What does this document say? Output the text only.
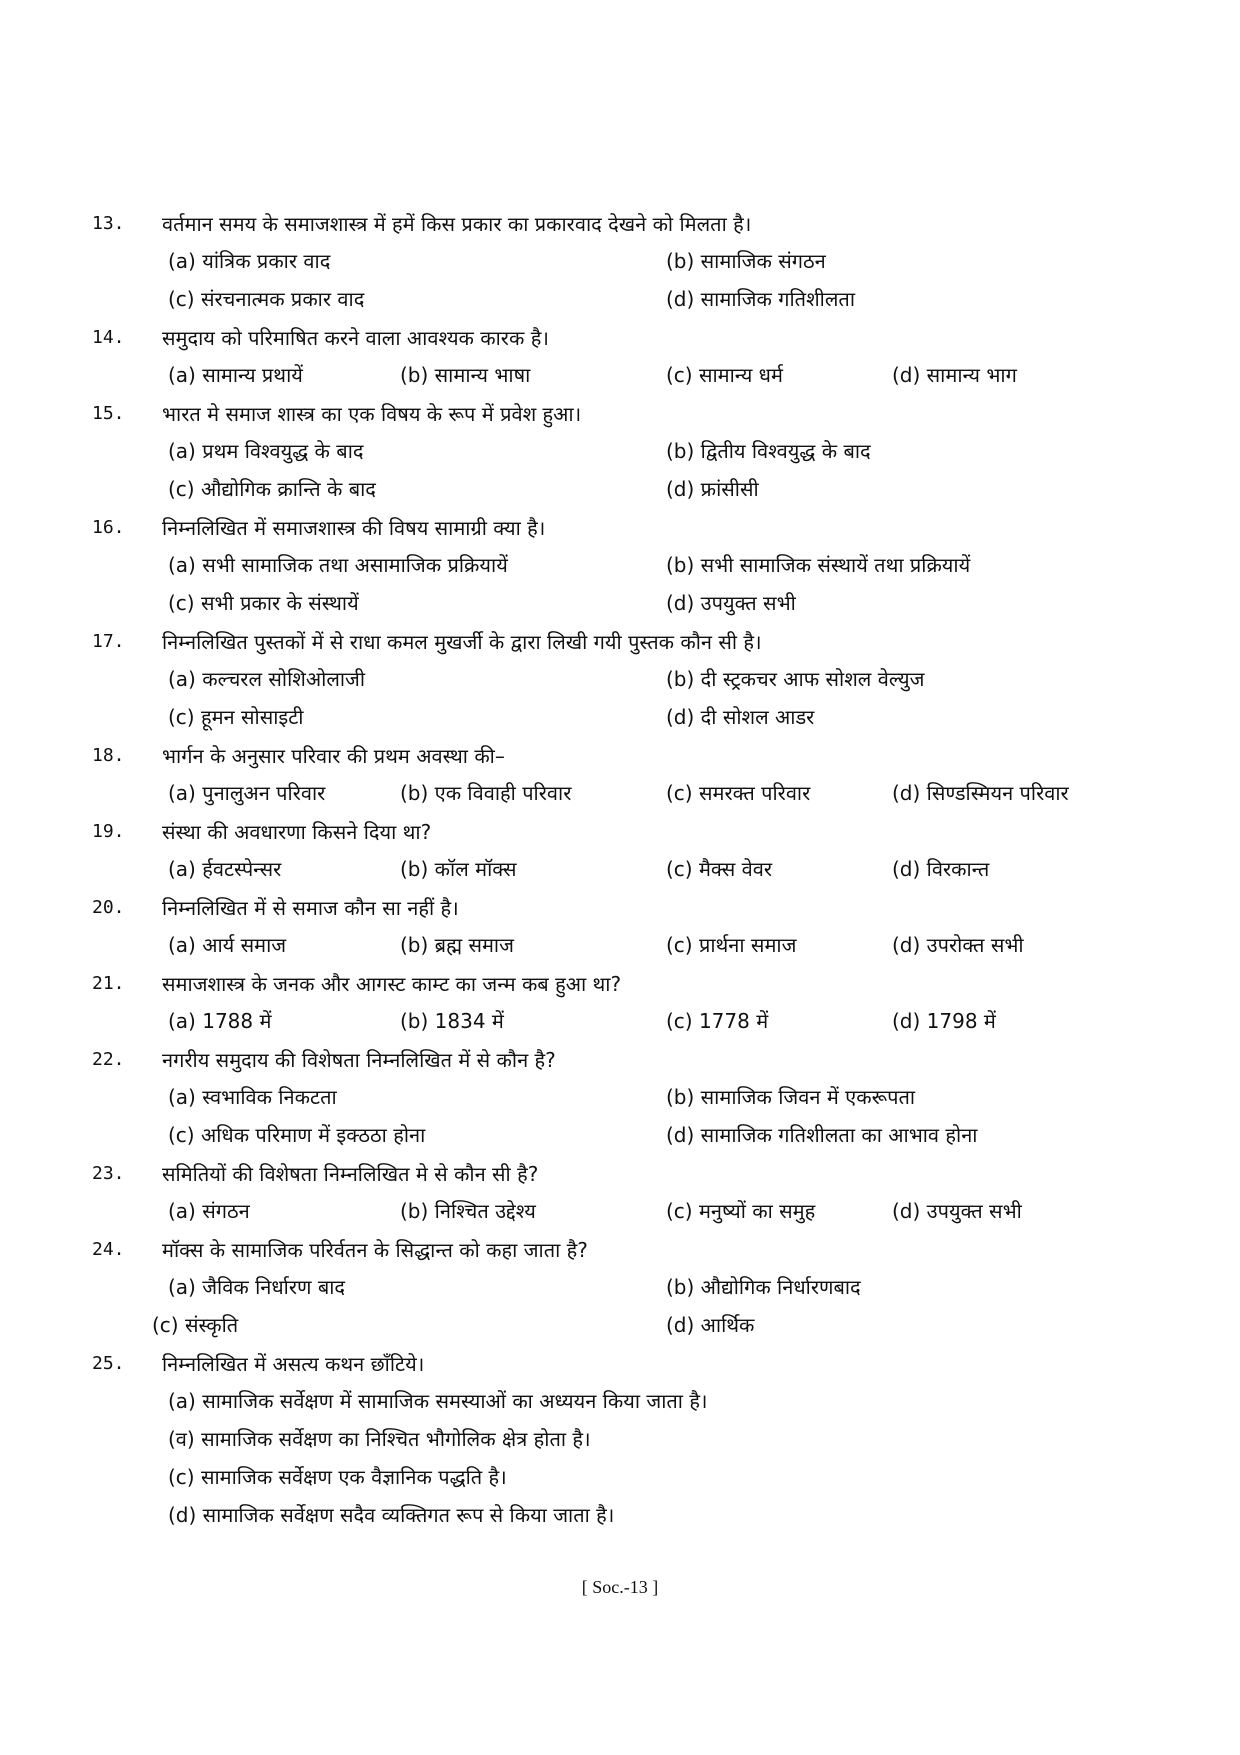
13.	वर्तमान समय के समाजशास्त्र में हमें किस प्रकार का प्रकारवाद देखने को मिलता है।
(a) यांत्रिक प्रकार वाद	(b) सामाजिक संगठन
(c) संरचनात्मक प्रकार वाद	(d) सामाजिक गतिशीलता
14.	समुदाय को परिमाषित करने वाला आवश्यक कारक है।
(a) सामान्य प्रथायें	(b) सामान्य भाषा	(c) सामान्य धर्म	(d) सामान्य भाग
15.	भारत मे समाज शास्त्र का एक विषय के रूप में प्रवेश हुआ।
(a) प्रथम विश्वयुद्ध के बाद	(b) द्वितीय विश्वयुद्ध के बाद
(c) औद्योगिक क्रान्ति के बाद	(d) फ्रांसीसी
16.	निम्नलिखित में समाजशास्त्र की विषय सामाग्री क्या है।
(a) सभी सामाजिक तथा असामाजिक प्रक्रियायें	(b) सभी सामाजिक संस्थायें तथा प्रक्रियायें
(c) सभी प्रकार के संस्थायें	(d) उपयुक्त सभी
17.	निम्नलिखित पुस्तकों में से राधा कमल मुखर्जी के द्वारा लिखी गयी पुस्तक कौन सी है।
(a) कल्चरल सोशिओलाजी	(b) दी स्ट्रकचर आफ सोशल वेल्युज
(c) हूमन सोसाइटी	(d) दी सोशल आडर
18.	भार्गन के अनुसार परिवार की प्रथम अवस्था की–
(a) पुनालुअन परिवार	(b) एक विवाही परिवार	(c) समरक्त परिवार	(d) सिण्डस्मियन परिवार
19.	संस्था की अवधारणा किसने दिया था?
(a) र्हवटस्पेन्सर	(b) कॉल मॉक्स	(c) मैक्स वेवर	(d) विरकान्त
20.	निम्नलिखित में से समाज कौन सा नहीं है।
(a) आर्य समाज	(b) ब्रह्म समाज	(c) प्रार्थना समाज	(d) उपरोक्त सभी
21.	समाजशास्त्र के जनक और आगस्ट काम्ट का जन्म कब हुआ था?
(a) 1788 में	(b) 1834 में	(c) 1778 में	(d) 1798 में
22.	नगरीय समुदाय की विशेषता निम्नलिखित में से कौन है?
(a) स्वभाविक निकटता	(b) सामाजिक जिवन में एकरूपता
(c) अधिक परिमाण में इक्ठठा होना	(d) सामाजिक गतिशीलता का आभाव होना
23.	समितियों की विशेषता निम्नलिखित मे से कौन सी है?
(a) संगठन	(b) निश्चित उद्देश्य	(c) मनुष्यों का समुह	(d) उपयुक्त सभी
24.	मॉक्स के सामाजिक परिर्वतन के सिद्धान्त को कहा जाता है?
(a) जैविक निर्धारण बाद	(b) औद्योगिक निर्धारणबाद
(c) संस्कृति	(d) आर्थिक
25.	निम्नलिखित में असत्य कथन छाँटिये।
(a) सामाजिक सर्वेक्षण में सामाजिक समस्याओं का अध्ययन किया जाता है।
(व) सामाजिक सर्वेक्षण का निश्चित भौगोलिक क्षेत्र होता है।
(c) सामाजिक सर्वेक्षण एक वैज्ञानिक पद्धति है।
(d) सामाजिक सर्वेक्षण सदैव व्यक्तिगत रूप से किया जाता है।
[ Soc.-13 ]
